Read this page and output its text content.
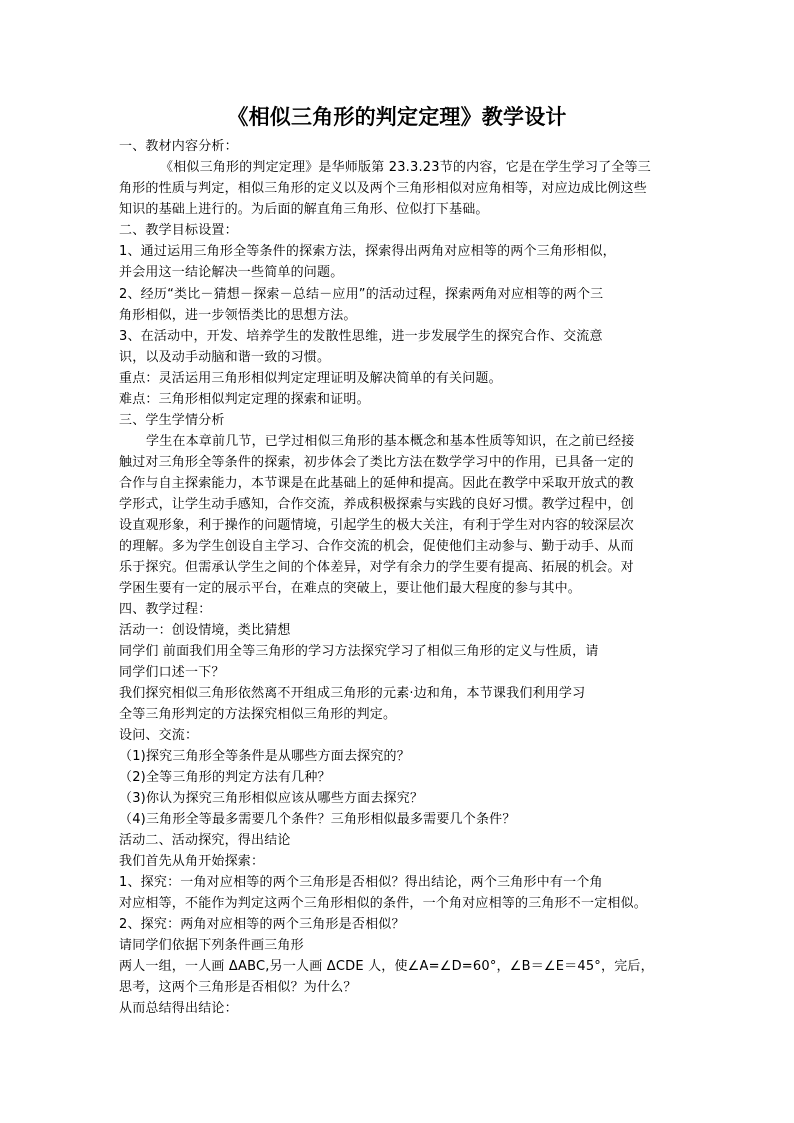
《相似三角形的判定定理》教学设计
一、教材内容分析：
《相似三角形的判定定理》是华师版第 23.3.23节的内容，它是在学生学习了全等三
角形的性质与判定，相似三角形的定义以及两个三角形相似对应角相等，对应边成比例这些
知识的基础上进行的。为后面的解直角三角形、位似打下基础。
二、教学目标设置：
1、通过运用三角形全等条件的探索方法，探索得出两角对应相等的两个三角形相似，
并会用这一结论解决一些简单的问题。
2、经历“类比－猜想－探索－总结－应用”的活动过程，探索两角对应相等的两个三
角形相似，进一步领悟类比的思想方法。
3、在活动中，开发、培养学生的发散性思维，进一步发展学生的探究合作、交流意
识，以及动手动脑和谐一致的习惯。
重点：灵活运用三角形相似判定定理证明及解决简单的有关问题。
难点：三角形相似判定定理的探索和证明。
三、学生学情分析
学生在本章前几节，已学过相似三角形的基本概念和基本性质等知识，在之前已经接
触过对三角形全等条件的探索，初步体会了类比方法在数学学习中的作用，已具备一定的
合作与自主探索能力，本节课是在此基础上的延伸和提高。因此在教学中采取开放式的教
学形式，让学生动手感知，合作交流，养成积极探索与实践的良好习惯。教学过程中，创
设直观形象，利于操作的问题情境，引起学生的极大关注，有利于学生对内容的较深层次
的理解。多为学生创设自主学习、合作交流的机会，促使他们主动参与、勤于动手、从而
乐于探究。但需承认学生之间的个体差异，对学有余力的学生要有提高、拓展的机会。对
学困生要有一定的展示平台，在难点的突破上，要让他们最大程度的参与其中。
四、教学过程：
活动一：创设情境，类比猜想
同学们 前面我们用全等三角形的学习方法探究学习了相似三角形的定义与性质，请
同学们口述一下？
我们探究相似三角形依然离不开组成三角形的元素·边和角，本节课我们利用学习
全等三角形判定的方法探究相似三角形的判定。
设问、交流：
（1)探究三角形全等条件是从哪些方面去探究的？
（2)全等三角形的判定方法有几种？
（3)你认为探究三角形相似应该从哪些方面去探究？
（4)三角形全等最多需要几个条件？三角形相似最多需要几个条件？
活动二、活动探究，得出结论
我们首先从角开始探索：
1、探究：一角对应相等的两个三角形是否相似？得出结论，两个三角形中有一个角
对应相等，不能作为判定这两个三角形相似的条件，一个角对应相等的三角形不一定相似。
2、探究：两角对应相等的两个三角形是否相似？
请同学们依据下列条件画三角形
两人一组，一人画 ΔABC,另一人画 ΔCDE 人，使∠A=∠D=60°，∠B＝∠E＝45°，完后，
思考，这两个三角形是否相似？为什么？
从而总结得出结论：
